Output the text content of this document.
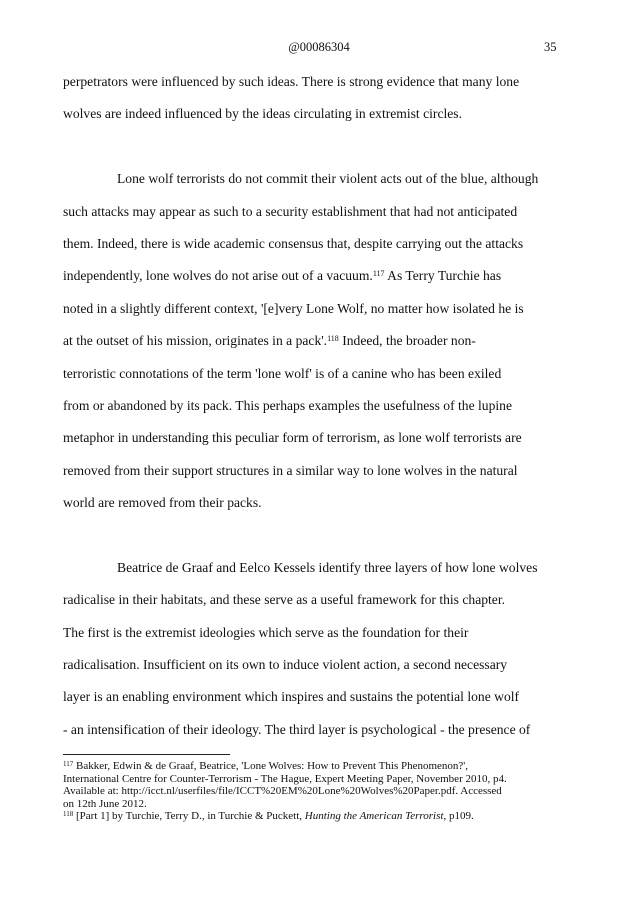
@00086304	35
perpetrators were influenced by such ideas. There is strong evidence that many lone
wolves are indeed influenced by the ideas circulating in extremist circles.
Lone wolf terrorists do not commit their violent acts out of the blue, although
such attacks may appear as such to a security establishment that had not anticipated
them. Indeed, there is wide academic consensus that, despite carrying out the attacks
independently, lone wolves do not arise out of a vacuum.$^{117}$ As Terry Turchie has
noted in a slightly different context, '[e]very Lone Wolf, no matter how isolated he is
at the outset of his mission, originates in a pack'.$^{118}$ Indeed, the broader non-
terroristic connotations of the term 'lone wolf' is of a canine who has been exiled
from or abandoned by its pack. This perhaps examples the usefulness of the lupine
metaphor in understanding this peculiar form of terrorism, as lone wolf terrorists are
removed from their support structures in a similar way to lone wolves in the natural
world are removed from their packs.
Beatrice de Graaf and Eelco Kessels identify three layers of how lone wolves
radicalise in their habitats, and these serve as a useful framework for this chapter.
The first is the extremist ideologies which serve as the foundation for their
radicalisation. Insufficient on its own to induce violent action, a second necessary
layer is an enabling environment which inspires and sustains the potential lone wolf
- an intensification of their ideology. The third layer is psychological - the presence of
$^{117}$ Bakker, Edwin & de Graaf, Beatrice, 'Lone Wolves: How to Prevent This Phenomenon?',
International Centre for Counter-Terrorism - The Hague, Expert Meeting Paper, November 2010, p4.
Available at: http://icct.nl/userfiles/file/ICCT%20EM%20Lone%20Wolves%20Paper.pdf. Accessed
on 12th June 2012.
$^{118}$ [Part 1] by Turchie, Terry D., in Turchie & Puckett, Hunting the American Terrorist, p109.
